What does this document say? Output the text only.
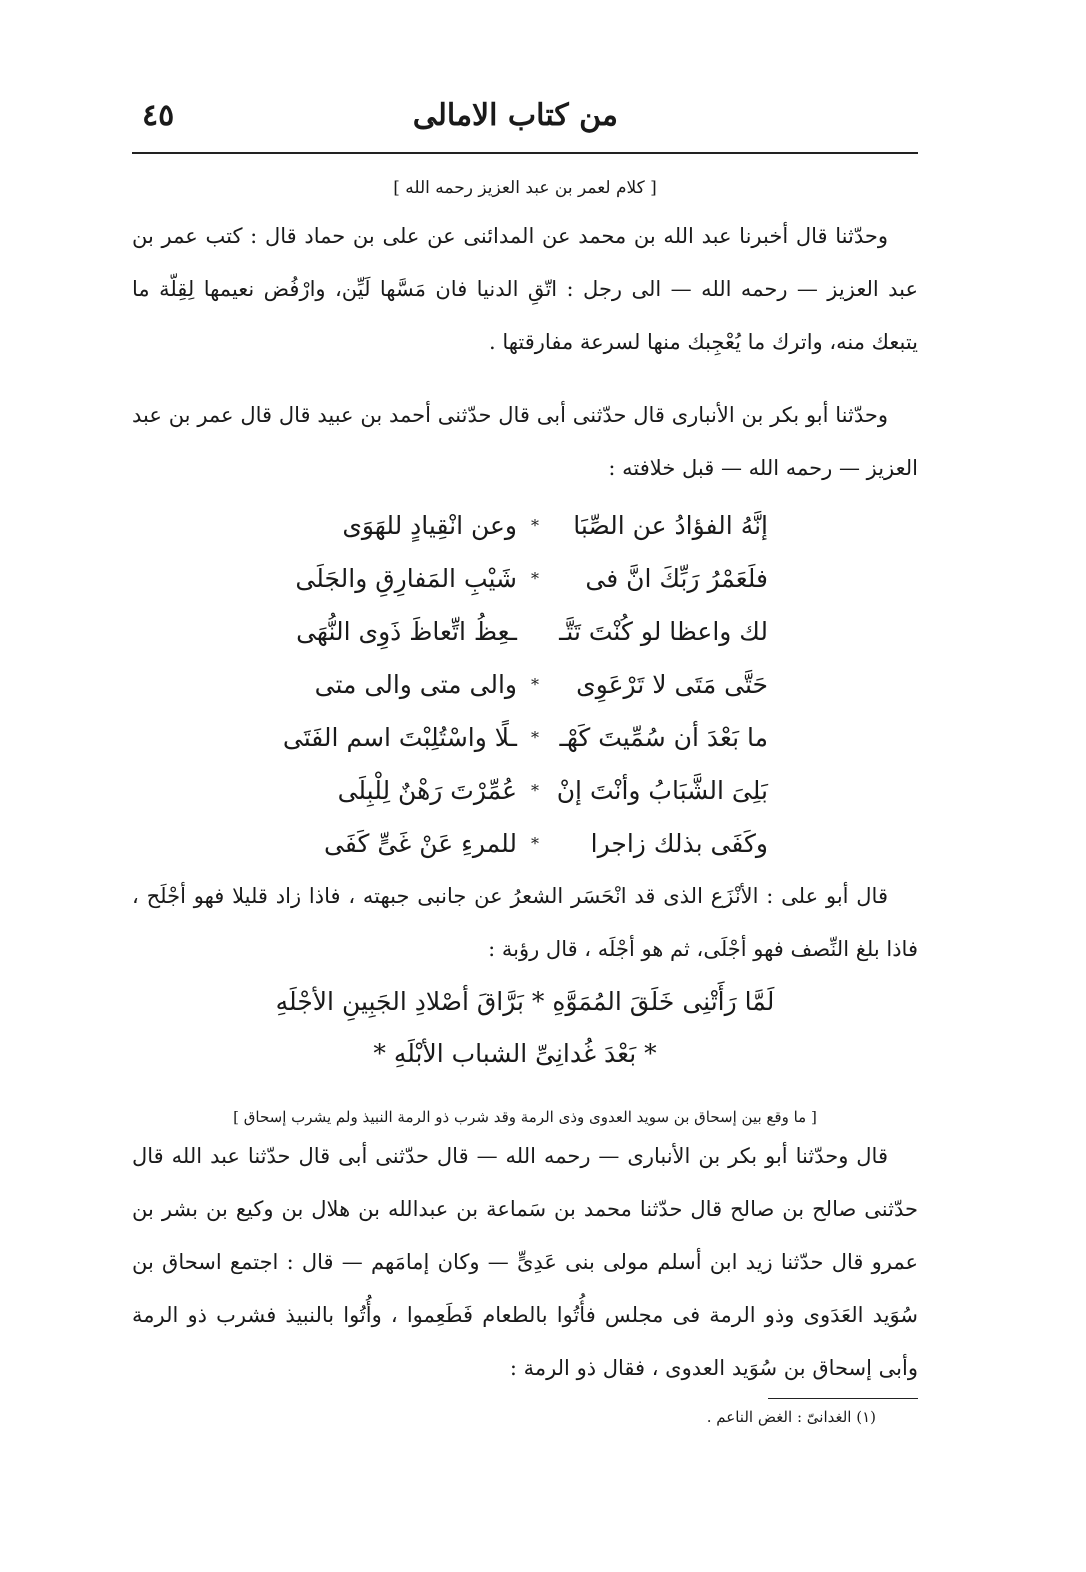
من كتاب الامالى
٤٥
[ كلام لعمر بن عبد العزيز رحمه الله ]

وحدّثنا قال أخبرنا عبد الله بن محمد عن المدائنى عن على بن حماد قال : كتب عمر بن عبد العزيز — رحمه الله — الى رجل : اتّقِ الدنيا فان مَسَّها لَيِّن، وارْفُض نعيمها لِقِلّة ما يتبعك منه، واترك ما يُعْجِبك منها لسرعة مفارقتها .

وحدّثنا أبو بكر بن الأنبارى قال حدّثنى أبى قال حدّثنى أحمد بن عبيد قال قال عمر بن عبد العزيز — رحمه الله — قبل خلافته :

إنَّهُ الفؤادُ عن الصِّبَا
*
وعن انْقِيادٍ للهَوَى
فلَعَمْرُ رَبِّكَ انَّ فى
*
شَيْبِ المَفارِقِ والجَلَى
لك واعظا لو كُنْتَ تَتَّـ
ـعِظُ اتِّعاظَ ذَوِى النُّهَى
حَتَّى مَتَى لا تَرْعَوِى
*
والى متى والى متى
ما بَعْدَ أن سُمِّيتَ كَهْـ
*
ـلًا واسْتُلِبْتَ اسم الفَتَى
بَلِىَ الشَّبَابُ وأنْتَ إنْ
*
عُمِّرْتَ رَهْنٌ لِلْبِلَى
وكَفَى بذلك زاجرا
*
للمرءِ عَنْ غَىٍّ كَفَى

قال أبو على : الأنْزَع الذى قد انْحَسَر الشعرُ عن جانبى جبهته ، فاذا زاد قليلا فهو أجْلَح ، فاذا بلغ النِّصف فهو أجْلَى، ثم هو أجْلَه ، قال رؤبة :

لَمَّا رَأَتْنِى خَلَقَ المُمَوَّهِ * بَرَّاقَ أصْلادِ الجَبِينِ الأجْلَهِ
* بَعْدَ غُدانِىِّ الشباب الأبْلَهِ *
[ ما وقع بين إسحاق بن سويد العدوى وذى الرمة وقد شرب ذو الرمة النبيذ ولم يشرب إسحاق ]

قال وحدّثنا أبو بكر بن الأنبارى — رحمه الله — قال حدّثنى أبى قال حدّثنا عبد الله قال حدّثنى صالح بن صالح قال حدّثنا محمد بن سَماعة بن عبدالله بن هلال بن وكيع بن بشر بن عمرو قال حدّثنا زيد ابن أسلم مولى بنى عَدِىٍّ — وكان إمامَهم — قال : اجتمع اسحاق بن سُوَيد العَدَوى وذو الرمة فى مجلس فأُتُوا بالطعام فَطَعِموا ، وأُتُوا بالنبيذ فشرب ذو الرمة وأبى إسحاق بن سُوَيد العدوى ، فقال ذو الرمة :

(١) الغدانىّ : الغض الناعم .
